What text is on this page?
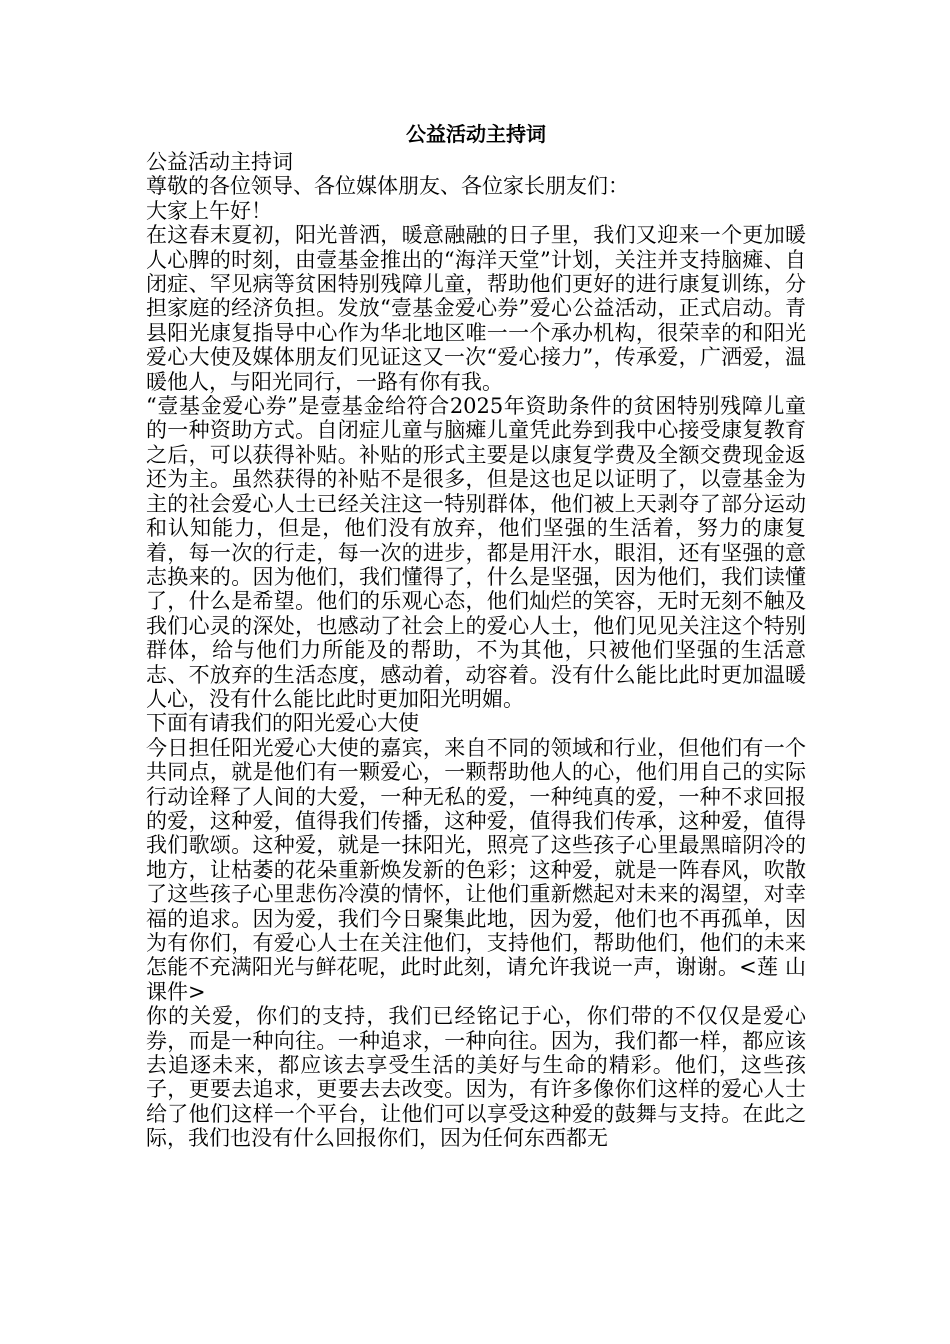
公益活动主持词

公益活动主持词

尊敬的各位领导、各位媒体朋友、各位家长朋友们：

大家上午好！

在这春末夏初，阳光普洒，暖意融融的日子里，我们又迎来一个更加暖人心脾的时刻，由壹基金推出的“海洋天堂”计划，关注并支持脑瘫、自闭症、罕见病等贫困特别残障儿童，帮助他们更好的进行康复训练，分担家庭的经济负担。发放“壹基金爱心券”爱心公益活动，正式启动。青县阳光康复指导中心作为华北地区唯一一个承办机构，很荣幸的和阳光爱心大使及媒体朋友们见证这又一次“爱心接力”，传承爱，广洒爱，温暖他人，与阳光同行，一路有你有我。

“壹基金爱心券”是壹基金给符合2025年资助条件的贫困特别残障儿童的一种资助方式。自闭症儿童与脑瘫儿童凭此券到我中心接受康复教育之后，可以获得补贴。补贴的形式主要是以康复学费及全额交费现金返还为主。虽然获得的补贴不是很多，但是这也足以证明了，以壹基金为主的社会爱心人士已经关注这一特别群体，他们被上天剥夺了部分运动和认知能力，但是，他们没有放弃，他们坚强的生活着，努力的康复着，每一次的行走，每一次的进步，都是用汗水，眼泪，还有坚强的意志换来的。因为他们，我们懂得了，什么是坚强，因为他们，我们读懂了，什么是希望。他们的乐观心态，他们灿烂的笑容，无时无刻不触及我们心灵的深处，也感动了社会上的爱心人士，他们见见关注这个特别群体，给与他们力所能及的帮助，不为其他，只被他们坚强的生活意志、不放弃的生活态度，感动着，动容着。没有什么能比此时更加温暖人心，没有什么能比此时更加阳光明媚。

下面有请我们的阳光爱心大使

今日担任阳光爱心大使的嘉宾，来自不同的领域和行业，但他们有一个共同点，就是他们有一颗爱心，一颗帮助他人的心，他们用自己的实际行动诠释了人间的大爱，一种无私的爱，一种纯真的爱，一种不求回报的爱，这种爱，值得我们传播，这种爱，值得我们传承，这种爱，值得我们歌颂。这种爱，就是一抹阳光，照亮了这些孩子心里最黑暗阴冷的地方，让枯萎的花朵重新焕发新的色彩；这种爱，就是一阵春风，吹散了这些孩子心里悲伤冷漠的情怀，让他们重新燃起对未来的渴望，对幸福的追求。因为爱，我们今日聚集此地，因为爱，他们也不再孤单，因为有你们，有爱心人士在关注他们，支持他们，帮助他们，他们的未来怎能不充满阳光与鲜花呢，此时此刻，请允许我说一声，谢谢。<莲 山课件>

你的关爱，你们的支持，我们已经铭记于心，你们带的不仅仅是爱心券，而是一种向往。一种追求，一种向往。因为，我们都一样，都应该去追逐未来，都应该去享受生活的美好与生命的精彩。他们，这些孩子，更要去追求，更要去去改变。因为，有许多像你们这样的爱心人士给了他们这样一个平台，让他们可以享受这种爱的鼓舞与支持。在此之际，我们也没有什么回报你们，因为任何东西都无
